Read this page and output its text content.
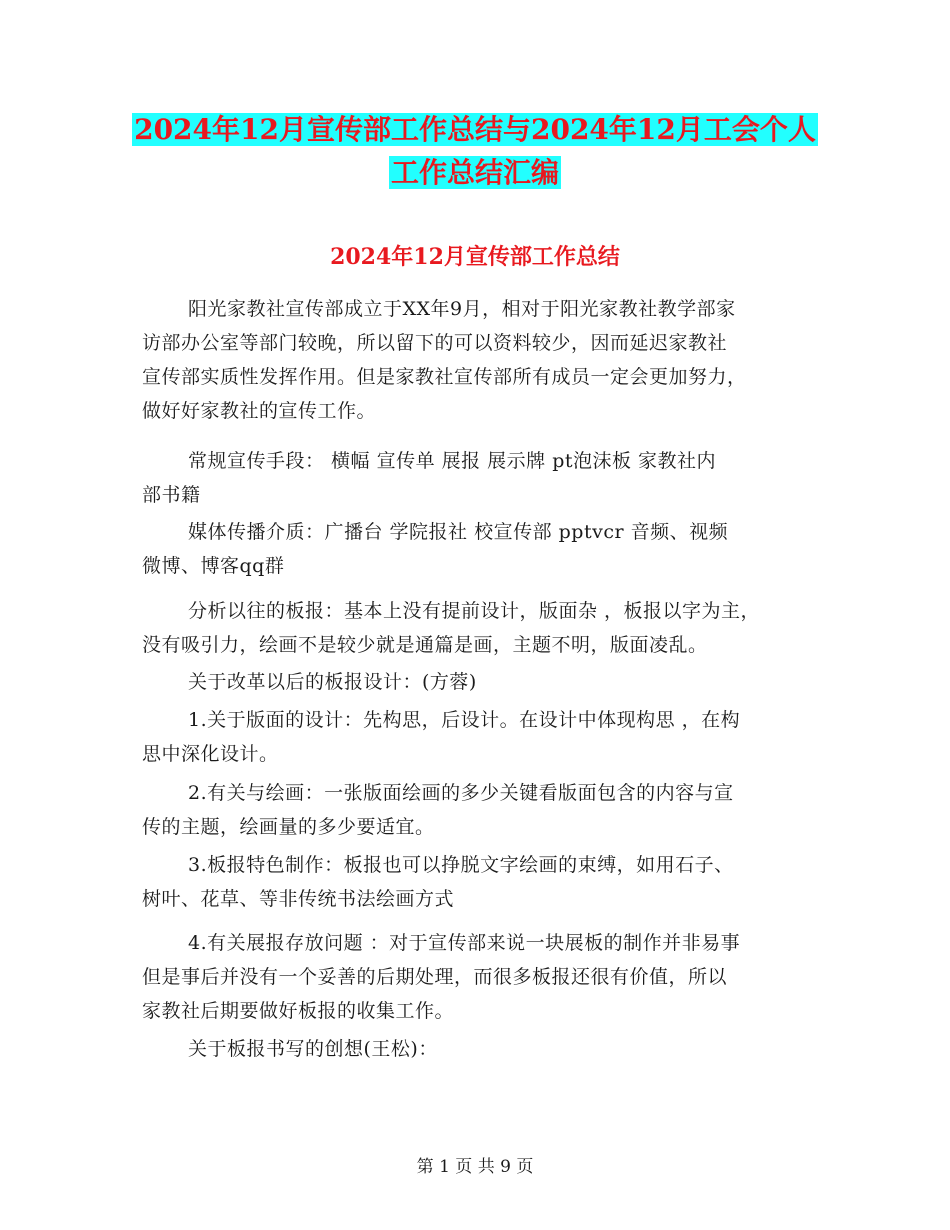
2024年12月宣传部工作总结与2024年12月工会个人
工作总结汇编
2024年12月宣传部工作总结
阳光家教社宣传部成立于XX年9月，相对于阳光家教社教学部家
访部办公室等部门较晚，所以留下的可以资料较少，因而延迟家教社
宣传部实质性发挥作用。但是家教社宣传部所有成员一定会更加努力，
做好好家教社的宣传工作。
常规宣传手段： 横幅 宣传单 展报 展示牌 pt泡沫板 家教社内
部书籍
媒体传播介质：广播台 学院报社 校宣传部 pptvcr 音频、视频
微博、博客qq群
分析以往的板报：基本上没有提前设计，版面杂 ，板报以字为主，
没有吸引力，绘画不是较少就是通篇是画，主题不明，版面凌乱。
关于改革以后的板报设计：(方蓉)
1.关于版面的设计：先构思，后设计。在设计中体现构思 ，在构
思中深化设计。
2.有关与绘画：一张版面绘画的多少关键看版面包含的内容与宣
传的主题，绘画量的多少要适宜。
3.板报特色制作：板报也可以挣脱文字绘画的束缚，如用石子、
树叶、花草、等非传统书法绘画方式
4.有关展报存放问题 ：对于宣传部来说一块展板的制作并非易事
但是事后并没有一个妥善的后期处理，而很多板报还很有价值，所以
家教社后期要做好板报的收集工作。
关于板报书写的创想(王松)：
第 1 页 共 9 页
